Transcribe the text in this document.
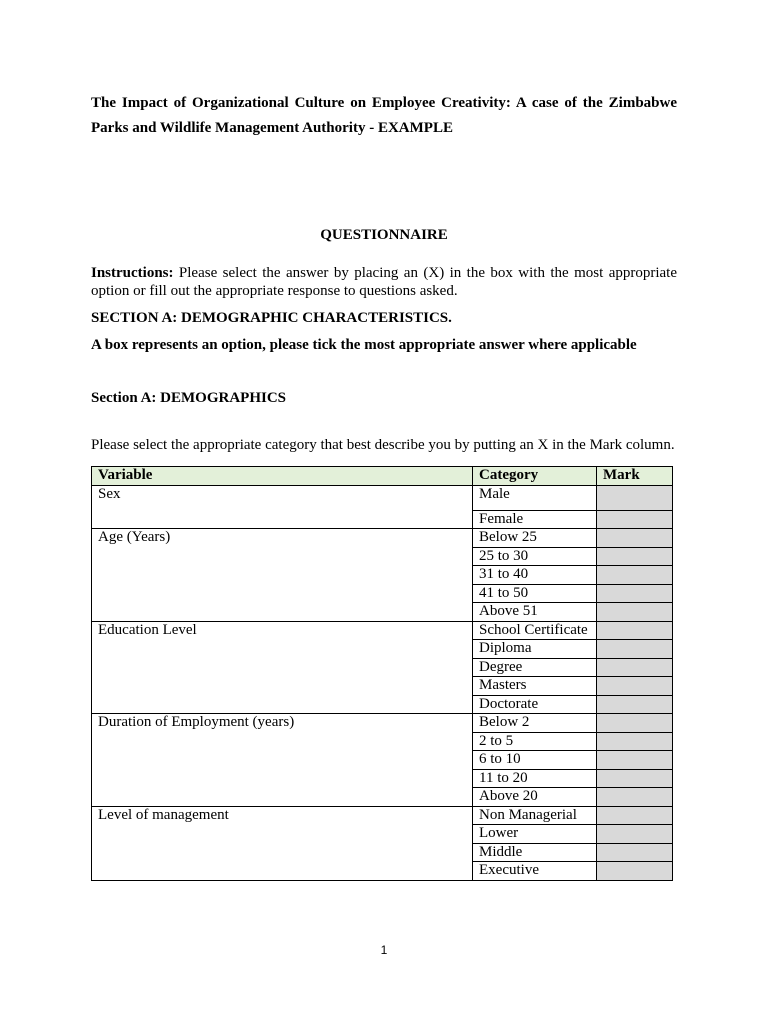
The Impact of Organizational Culture on Employee Creativity: A case of the Zimbabwe
Parks and Wildlife Management Authority - EXAMPLE
QUESTIONNAIRE
Instructions: Please select the answer by placing an (X) in the box with the most appropriate
option or fill out the appropriate response to questions asked.
SECTION A: DEMOGRAPHIC CHARACTERISTICS.
A box represents an option, please tick the most appropriate answer where applicable
Section A: DEMOGRAPHICS
Please select the appropriate category that best describe you by putting an X in the Mark column.
Variable	Category	Mark
Sex	Male	
	Female	
Age (Years)	Below 25	
	25 to 30	
	31 to 40	
	41 to 50	
	Above 51	
Education Level	School Certificate	
	Diploma	
	Degree	
	Masters	
	Doctorate	
Duration of Employment (years)	Below 2	
	2 to 5	
	6 to 10	
	11 to 20	
	Above 20	
Level of management	Non Managerial	
	Lower	
	Middle	
	Executive	
1
